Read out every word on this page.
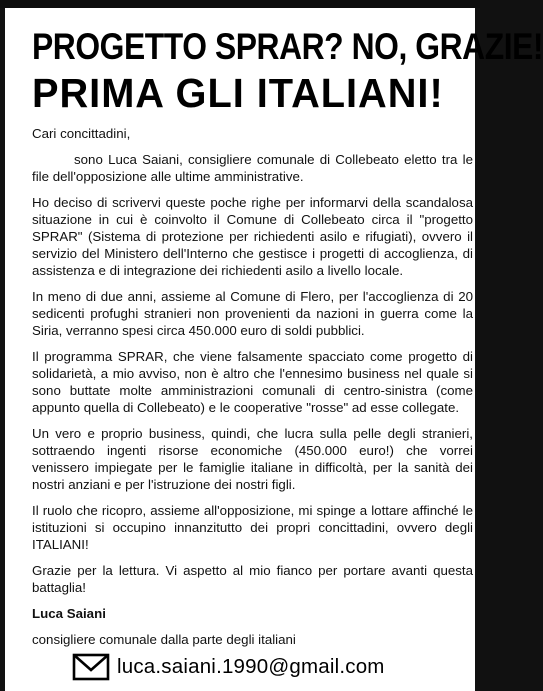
PROGETTO SPRAR? NO, GRAZIE!
PRIMA GLI ITALIANI!

Cari concittadini,

sono Luca Saiani, consigliere comunale di Collebeato eletto tra le file dell'opposizione alle ultime amministrative.

Ho deciso di scrivervi queste poche righe per informarvi della scandalosa situazione in cui è coinvolto il Comune di Collebeato circa il "progetto SPRAR" (Sistema di protezione per richiedenti asilo e rifugiati), ovvero il servizio del Ministero dell'Interno che gestisce i progetti di accoglienza, di assistenza e di integrazione dei richiedenti asilo a livello locale.

In meno di due anni, assieme al Comune di Flero, per l'accoglienza di 20 sedicenti profughi stranieri non provenienti da nazioni in guerra come la Siria, verranno spesi circa 450.000 euro di soldi pubblici.

Il programma SPRAR, che viene falsamente spacciato come progetto di solidarietà, a mio avviso, non è altro che l'ennesimo business nel quale si sono buttate molte amministrazioni comunali di centro-sinistra (come appunto quella di Collebeato) e le cooperative "rosse" ad esse collegate.

Un vero e proprio business, quindi, che lucra sulla pelle degli stranieri, sottraendo ingenti risorse economiche (450.000 euro!) che vorrei venissero impiegate per le famiglie italiane in difficoltà, per la sanità dei nostri anziani e per l'istruzione dei nostri figli.

Il ruolo che ricopro, assieme all'opposizione, mi spinge a lottare affinché le istituzioni si occupino innanzitutto dei propri concittadini, ovvero degli ITALIANI!

Grazie per la lettura. Vi aspetto al mio fianco per portare avanti questa battaglia!

Luca Saiani

consigliere comunale dalla parte degli italiani

luca.saiani.1990@gmail.com
